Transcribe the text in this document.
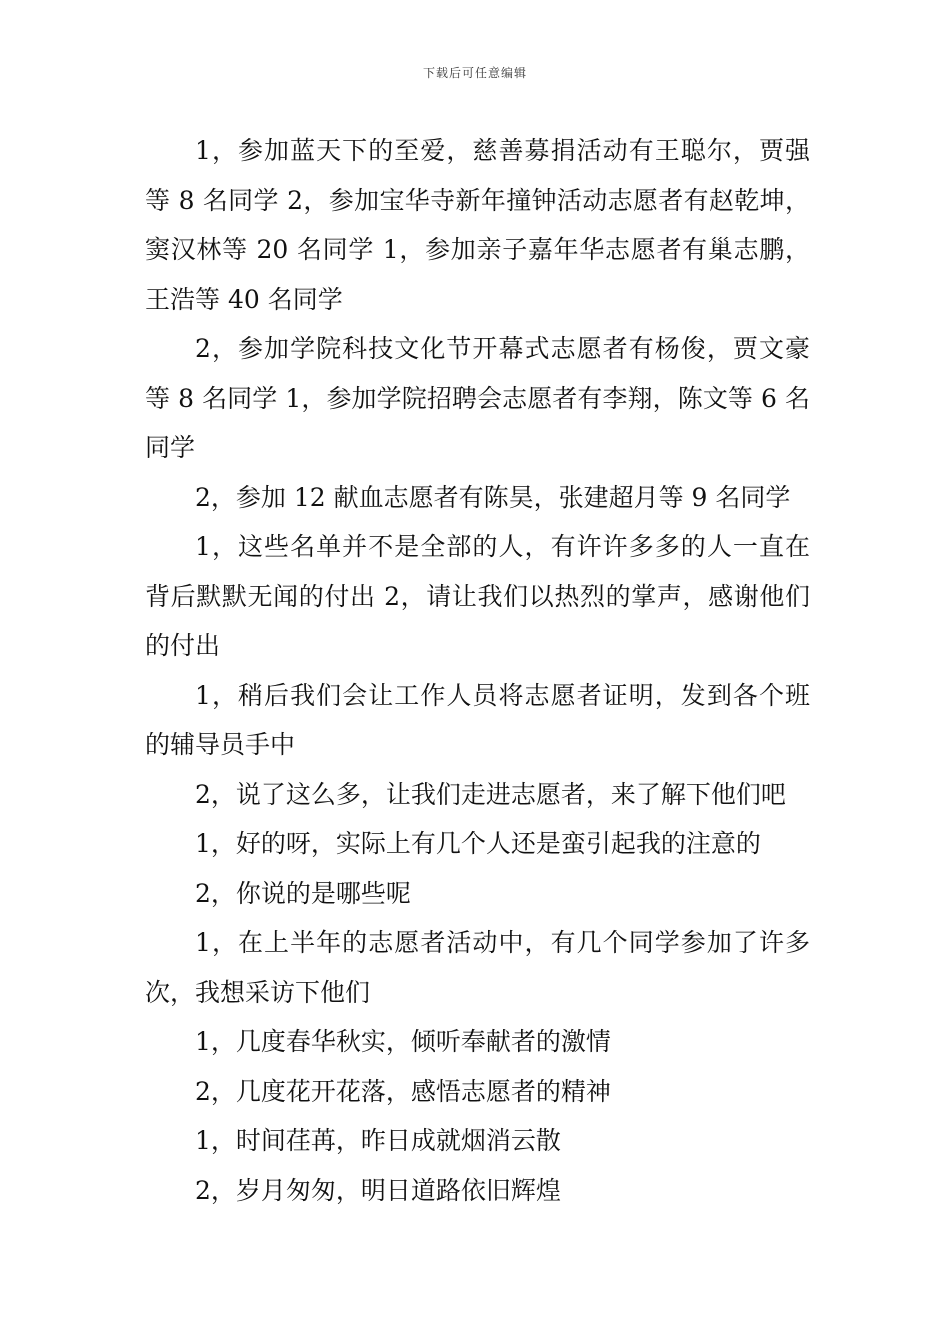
下载后可任意编辑

1，参加蓝天下的至爱，慈善募捐活动有王聪尔，贾强等 8 名同学 2，参加宝华寺新年撞钟活动志愿者有赵乾坤，窦汉林等 20 名同学 1，参加亲子嘉年华志愿者有巢志鹏，王浩等 40 名同学

2，参加学院科技文化节开幕式志愿者有杨俊，贾文豪等 8 名同学 1，参加学院招聘会志愿者有李翔，陈文等 6 名同学

2，参加 12 献血志愿者有陈昊，张建超月等 9 名同学

1，这些名单并不是全部的人，有许许多多的人一直在背后默默无闻的付出 2，请让我们以热烈的掌声，感谢他们的付出

1，稍后我们会让工作人员将志愿者证明，发到各个班的辅导员手中

2，说了这么多，让我们走进志愿者，来了解下他们吧

1，好的呀，实际上有几个人还是蛮引起我的注意的

2，你说的是哪些呢

1，在上半年的志愿者活动中，有几个同学参加了许多次，我想采访下他们

1，几度春华秋实，倾听奉献者的激情

2，几度花开花落，感悟志愿者的精神

1，时间荏苒，昨日成就烟消云散

2，岁月匆匆，明日道路依旧辉煌
